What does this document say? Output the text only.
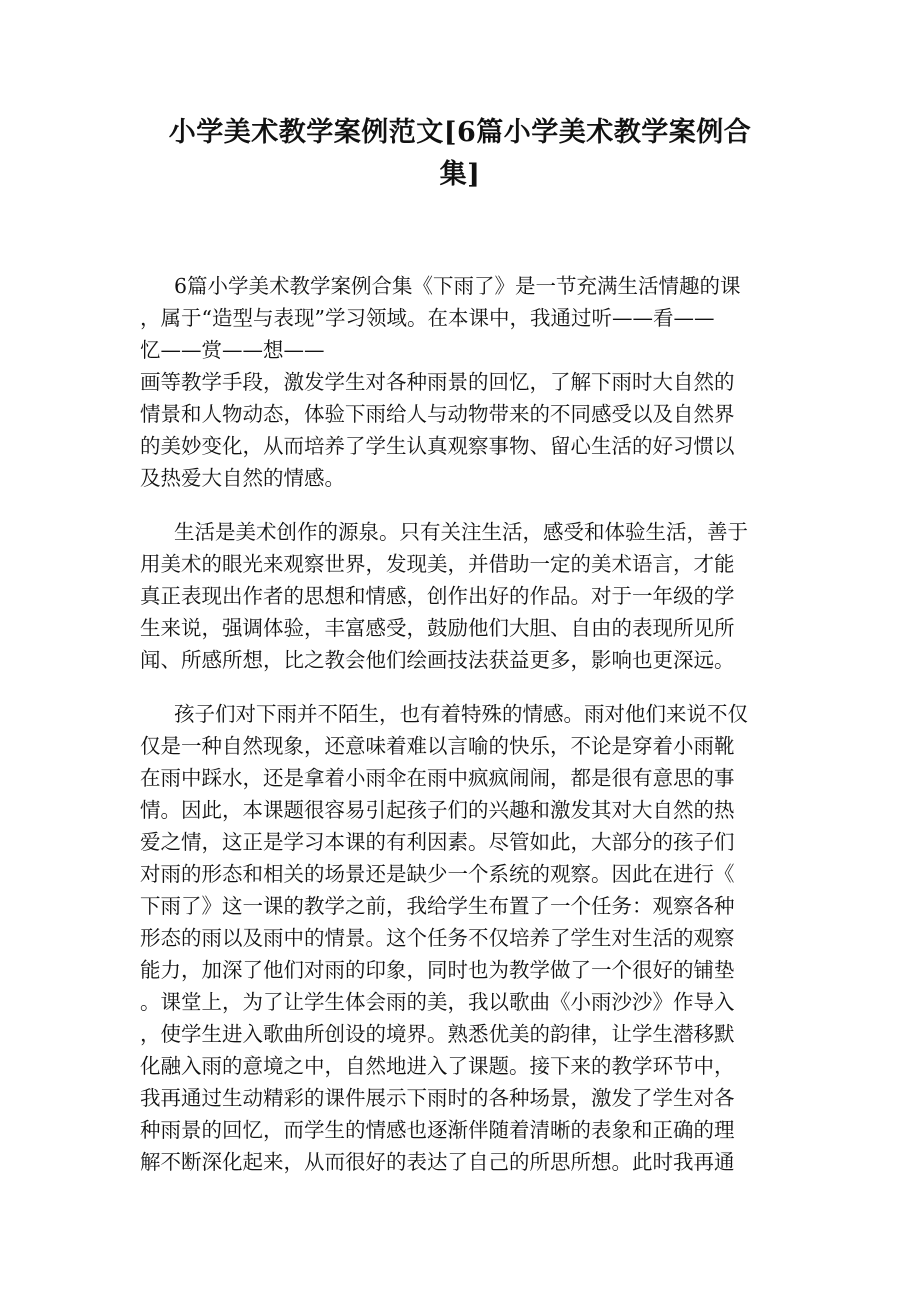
小学美术教学案例范文[6篇小学美术教学案例合
集]
6篇小学美术教学案例合集《下雨了》是一节充满生活情趣的课
，属于“造型与表现”学习领域。在本课中，我通过听——看——
忆——赏——想——
画等教学手段，激发学生对各种雨景的回忆，了解下雨时大自然的
情景和人物动态，体验下雨给人与动物带来的不同感受以及自然界
的美妙变化，从而培养了学生认真观察事物、留心生活的好习惯以
及热爱大自然的情感。
生活是美术创作的源泉。只有关注生活，感受和体验生活，善于
用美术的眼光来观察世界，发现美，并借助一定的美术语言，才能
真正表现出作者的思想和情感，创作出好的作品。对于一年级的学
生来说，强调体验，丰富感受，鼓励他们大胆、自由的表现所见所
闻、所感所想，比之教会他们绘画技法获益更多，影响也更深远。
孩子们对下雨并不陌生，也有着特殊的情感。雨对他们来说不仅
仅是一种自然现象，还意味着难以言喻的快乐，不论是穿着小雨靴
在雨中踩水，还是拿着小雨伞在雨中疯疯闹闹，都是很有意思的事
情。因此，本课题很容易引起孩子们的兴趣和激发其对大自然的热
爱之情，这正是学习本课的有利因素。尽管如此，大部分的孩子们
对雨的形态和相关的场景还是缺少一个系统的观察。因此在进行《
下雨了》这一课的教学之前，我给学生布置了一个任务：观察各种
形态的雨以及雨中的情景。这个任务不仅培养了学生对生活的观察
能力，加深了他们对雨的印象，同时也为教学做了一个很好的铺垫
。课堂上，为了让学生体会雨的美，我以歌曲《小雨沙沙》作导入
，使学生进入歌曲所创设的境界。熟悉优美的韵律，让学生潜移默
化融入雨的意境之中，自然地进入了课题。接下来的教学环节中，
我再通过生动精彩的课件展示下雨时的各种场景，激发了学生对各
种雨景的回忆，而学生的情感也逐渐伴随着清晰的表象和正确的理
解不断深化起来，从而很好的表达了自己的所思所想。此时我再通
